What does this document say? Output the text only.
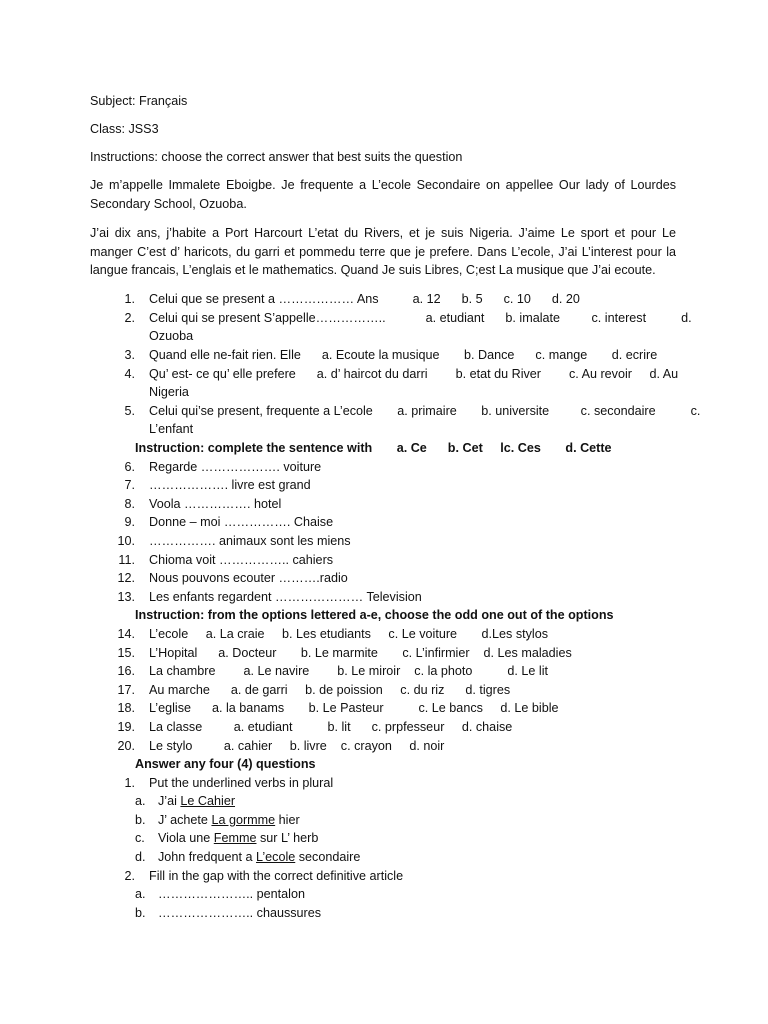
Subject: Français
Class: JSS3
Instructions: choose the correct answer that best suits the question
Je m’appelle Immalete Eboigbe. Je frequente a L’ecole Secondaire on appellee Our lady of Lourdes Secondary School, Ozuoba.
J’ai dix ans, j’habite a Port Harcourt L’etat du Rivers, et je suis Nigeria. J’aime Le sport et pour Le manger C’est d’ haricots, du garri et pommedu terre que je prefere. Dans L’ecole, J’ai L’interest pour la langue francais, L’englais et le mathematics. Quand Je suis Libres, C;est La musique que J’ai ecoute.
1.	Celui que se present a ……………… Ans	a. 12      b. 5      c. 10      d. 20
2.	Celui qui se present S’appelle……………..	a. etudiant      b. imalate         c. interest          d.
Ozuoba
3.	Quand elle ne-fait rien. Elle      a. Ecoute la musique       b. Dance      c. mange       d. ecrire
4.	Qu’ est- ce qu’ elle prefere      a. d’ haircot du darri        b. etat du River        c. Au revoir     d. Au
Nigeria
5.	Celui qui’se present, frequente a L’ecole       a. primaire       b. universite         c. secondaire          c.
L’enfant
Instruction: complete the sentence with       a. Ce      b. Cet     lc. Ces       d. Cette
6.	Regarde ………………. voiture
7.	………………. livre est grand
8.	Voola ……………. hotel
9.	Donne – moi ……………. Chaise
10.	……………. animaux sont les miens
11.	Chioma voit …………….. cahiers
12.	Nous pouvons ecouter ……….radio
13.	Les enfants regardent ………………… Television
Instruction: from the options lettered a-e, choose the odd one out of the options
14.	L’ecole     a. La craie     b. Les etudiants     c. Le voiture       d.Les stylos
15.	L’Hopital      a. Docteur       b. Le marmite       c. L’infirmier    d. Les maladies
16.	La chambre        a. Le navire        b. Le miroir    c. la photo          d. Le lit
17.	Au marche      a. de garri     b. de poission     c. du riz      d. tigres
18.	L’eglise      a. la banams       b. Le Pasteur          c. Le bancs     d. Le bible
19.	La classe         a. etudiant          b. lit      c. prpfesseur     d. chaise
20.	Le stylo         a. cahier     b. livre    c. crayon     d. noir
Answer any four (4) questions
1.	Put the underlined verbs in plural
a. J’ai Le Cahier
b. J’ achete La gormme hier
c.	Viola une Femme sur L’ herb
d. John fredquent a L’ecole secondaire
2.	Fill in the gap with the correct definitive article
a. ………………….. pentalon
b. ………………….. chaussures
